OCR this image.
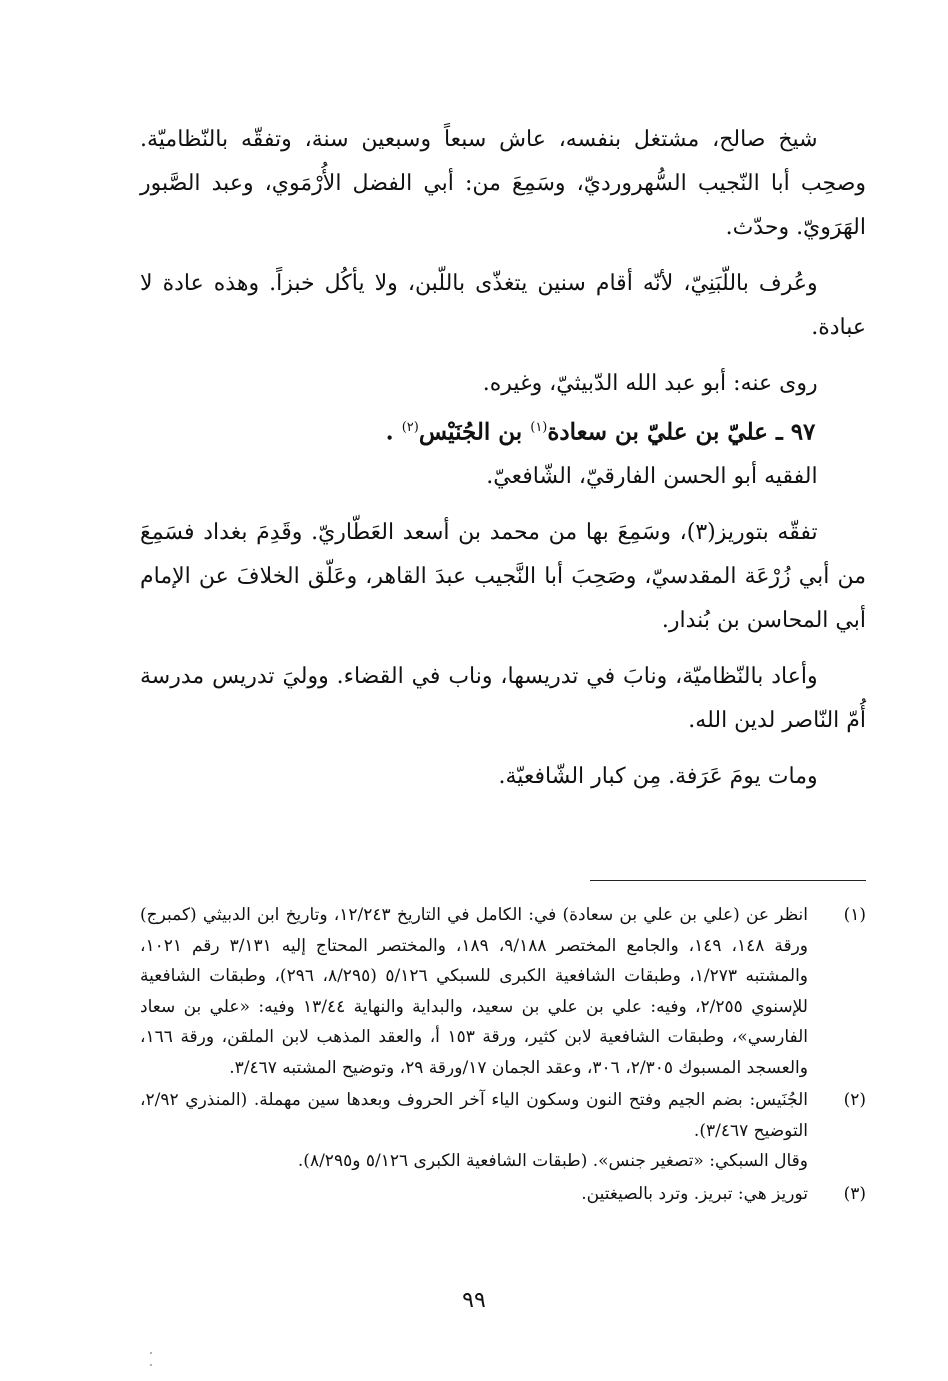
شيخ صالح، مشتغل بنفسه، عاش سبعاً وسبعين سنة، وتفقّه بالنّظاميّة. وصحِب أبا النّجيب السُّهرورديّ، وسَمِعَ من: أبي الفضل الأُرْمَوي، وعبد الصَّبور الهَرَويّ. وحدّث.

وعُرف باللّبَنِيّ، لأنّه أقام سنين يتغذّى باللّبن، ولا يأكُل خبزاً. وهذه عادة لا عبادة.

روى عنه: أبو عبد الله الدّبيثيّ، وغيره.

٩٧ ـ عليّ بن عليّ بن سعادة$^{(١)}$ بن الجُنَيْس$^{(٢)}$ .

الفقيه أبو الحسن الفارقيّ، الشّافعيّ.

تفقّه بتوريز(٣)، وسَمِعَ بها من محمد بن أسعد العَطّاريّ. وقَدِمَ بغداد فسَمِعَ من أبي زُرْعَة المقدسيّ، وصَحِبَ أبا النَّجيب عبدَ القاهر، وعَلّق الخلافَ عن الإمام أبي المحاسن بن بُندار.

وأعاد بالنّظاميّة، ونابَ في تدريسها، وناب في القضاء. ووليَ تدريس مدرسة أُمّ النّاصر لدين الله.

ومات يومَ عَرَفة. مِن كبار الشّافعيّة.

(١)
انظر عن (علي بن علي بن سعادة) في: الكامل في التاريخ ١٢/٢٤٣، وتاريخ ابن الدبيثي (كمبرج) ورقة ١٤٨، ١٤٩، والجامع المختصر ٩/١٨٨، ١٨٩، والمختصر المحتاج إليه ٣/١٣١ رقم ١٠٢١، والمشتبه ١/٢٧٣، وطبقات الشافعية الكبرى للسبكي ٥/١٢٦ (٨/٢٩٥، ٢٩٦)، وطبقات الشافعية للإسنوي ٢/٢٥٥، وفيه: علي بن علي بن سعيد، والبداية والنهاية ١٣/٤٤ وفيه: «علي بن سعاد الفارسي»، وطبقات الشافعية لابن كثير، ورقة ١٥٣ أ، والعقد المذهب لابن الملقن، ورقة ١٦٦، والعسجد المسبوك ٢/٣٠٥، ٣٠٦، وعقد الجمان ١٧/ورقة ٢٩، وتوضيح المشتبه ٣/٤٦٧.
(٢)
الجُنَيس: بضم الجيم وفتح النون وسكون الياء آخر الحروف وبعدها سين مهملة. (المنذري ٢/٩٢، التوضيح ٣/٤٦٧).
وقال السبكي: «تصغير جنس». (طبقات الشافعية الكبرى ٥/١٢٦ و٨/٢٩٥).
(٣)
توريز هي: تبريز. وترد بالصيغتين.
٩٩
